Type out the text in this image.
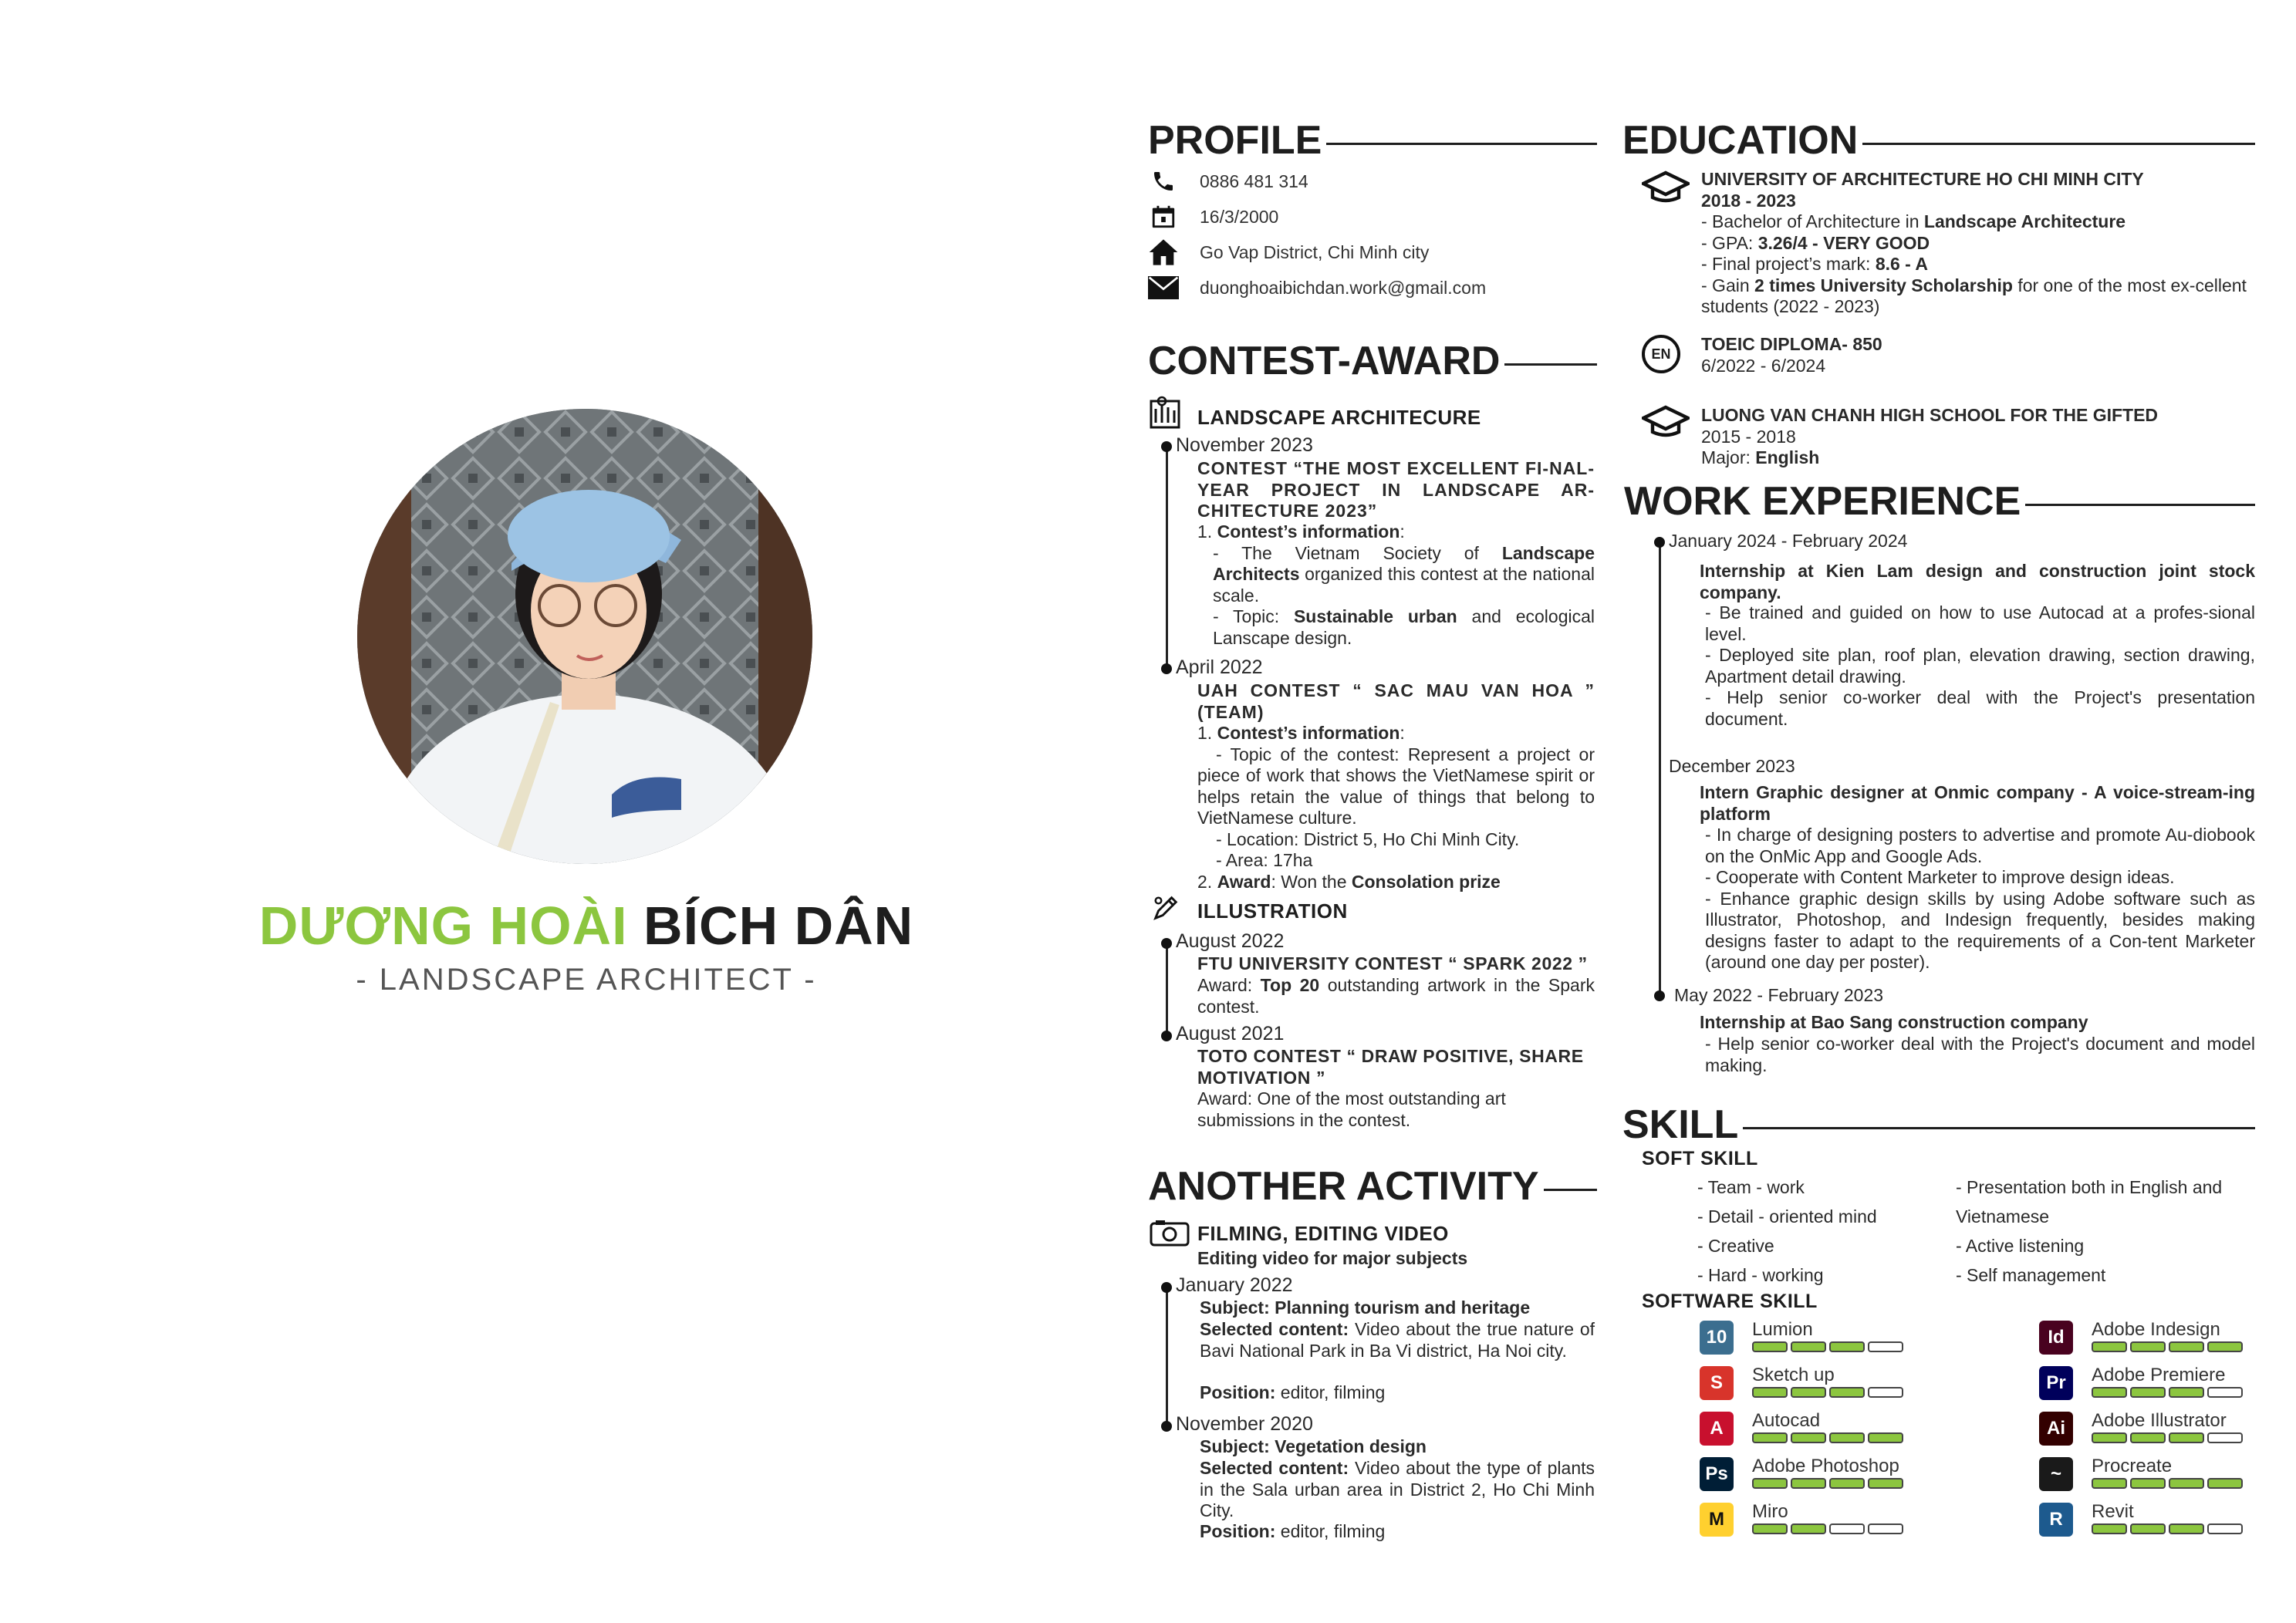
DƯƠNG HOÀI BÍCH DÂN
- LANDSCAPE ARCHITECT -
PROFILE
0886 481 314
16/3/2000
Go Vap District, Chi Minh city
duonghoaibichdan.work@gmail.com
CONTEST-AWARD
LANDSCAPE ARCHITECURE
November 2023
CONTEST “THE MOST EXCELLENT FI-NAL-YEAR PROJECT IN LANDSCAPE AR-CHITECTURE 2023”
1. Contest’s information:
- The Vietnam Society of Landscape Architects organized this contest at the national scale.
- Topic: Sustainable urban and ecological Lanscape design.
April 2022
UAH CONTEST “ SAC MAU VAN HOA ” (TEAM)
1. Contest’s information:
- Topic of the contest: Represent a project or piece of work that shows the VietNamese spirit or helps retain the value of things that belong to VietNamese culture.
- Location: District 5, Ho Chi Minh City.
- Area: 17ha
2. Award: Won the Consolation prize
ILLUSTRATION
August 2022
FTU UNIVERSITY CONTEST “ SPARK 2022 ”
Award: Top 20 outstanding artwork in the Spark contest.
August 2021
TOTO CONTEST “ DRAW POSITIVE, SHARE MOTIVATION ”
Award: One of the most outstanding art submissions in the contest.
ANOTHER ACTIVITY
FILMING, EDITING VIDEO
Editing video for major subjects
January 2022
Subject: Planning tourism and heritage
Selected content: Video about the true nature of Bavi National Park in Ba Vi district, Ha Noi city.
Position: editor, filming
November 2020
Subject: Vegetation design
Selected content: Video about the type of plants in the Sala urban area in District 2, Ho Chi Minh City.
Position: editor, filming
EDUCATION
UNIVERSITY OF ARCHITECTURE HO CHI MINH CITY
2018 - 2023
- Bachelor of Architecture in Landscape Architecture
- GPA: 3.26/4 - VERY GOOD
- Final project’s mark: 8.6 - A
- Gain 2 times University Scholarship for one of the most ex-cellent students (2022 - 2023)
EN TOEIC DIPLOMA- 850
6/2022 - 6/2024
LUONG VAN CHANH HIGH SCHOOL FOR THE GIFTED
2015 - 2018
Major: English
WORK EXPERIENCE
January 2024 - February 2024
Internship at Kien Lam design and construction joint stock company.
- Be trained and guided on how to use Autocad at a profes-sional level.
- Deployed site plan, roof plan, elevation drawing, section drawing, Apartment detail drawing.
- Help senior co-worker deal with the Project's presentation document.
December 2023
Intern Graphic designer at Onmic company - A voice-stream-ing platform
- In charge of designing posters to advertise and promote Au-diobook on the OnMic App and Google Ads.
- Cooperate with Content Marketer to improve design ideas.
- Enhance graphic design skills by using Adobe software such as Illustrator, Photoshop, and Indesign frequently, besides making designs faster to adapt to the requirements of a Con-tent Marketer (around one day per poster).
May 2022 - February 2023
Internship at Bao Sang construction company
- Help senior co-worker deal with the Project's document and model making.
SKILL
SOFT SKILL
- Team - work
- Detail - oriented mind
- Creative
- Hard - working
- Presentation both in English and
Vietnamese
- Active listening
- Self management
SOFTWARE SKILL
10	Lumion
S	Sketch up
A	Autocad
Ps	Adobe Photoshop
M	Miro
Id	Adobe Indesign
Pr	Adobe Premiere
Ai	Adobe Illustrator
~	Procreate
R	Revit
